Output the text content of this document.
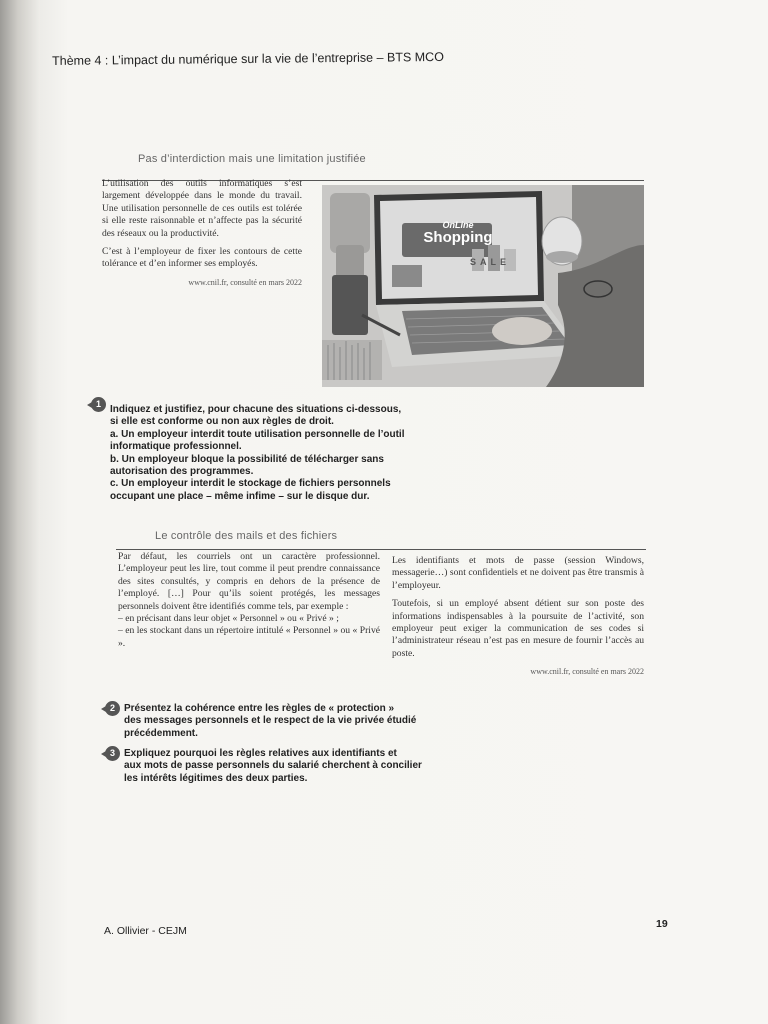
Thème 4 : L’impact du numérique sur la vie de l’entreprise – BTS MCO
Pas d’interdiction mais une limitation justifiée

L’utilisation des outils informatiques s’est largement développée dans le monde du travail. Une utilisation personnelle de ces outils est tolérée si elle reste raisonnable et n’affecte pas la sécurité des réseaux ou la productivité.

C’est à l’employeur de fixer les contours de cette tolérance et d’en informer ses employés.

www.cnil.fr, consulté en mars 2022
OnLine
Shopping
SALE
1 Indiquez et justifiez, pour chacune des situations ci-dessous,
si elle est conforme ou non aux règles de droit.
a. Un employeur interdit toute utilisation personnelle de l’outil
informatique professionnel.
b. Un employeur bloque la possibilité de télécharger sans
autorisation des programmes.
c. Un employeur interdit le stockage de fichiers personnels
occupant une place – même infime – sur le disque dur.
Le contrôle des mails et des fichiers

Par défaut, les courriels ont un caractère professionnel. L’employeur peut les lire, tout comme il peut prendre connaissance des sites consultés, y compris en dehors de la présence de l’employé. […] Pour qu’ils soient protégés, les messages personnels doivent être identifiés comme tels, par exemple :

– en précisant dans leur objet « Personnel » ou « Privé » ;
– en les stockant dans un répertoire intitulé « Personnel » ou « Privé ».

Les identifiants et mots de passe (session Windows, messagerie…) sont confidentiels et ne doivent pas être transmis à l’employeur.

Toutefois, si un employé absent détient sur son poste des informations indispensables à la poursuite de l’activité, son employeur peut exiger la communication de ses codes si l’administrateur réseau n’est pas en mesure de fournir l’accès au poste.

www.cnil.fr, consulté en mars 2022
2 Présentez la cohérence entre les règles de « protection »
des messages personnels et le respect de la vie privée étudié
précédemment.
3 Expliquez pourquoi les règles relatives aux identifiants et
aux mots de passe personnels du salarié cherchent à concilier
les intérêts légitimes des deux parties.
A. Ollivier - CEJM
19
